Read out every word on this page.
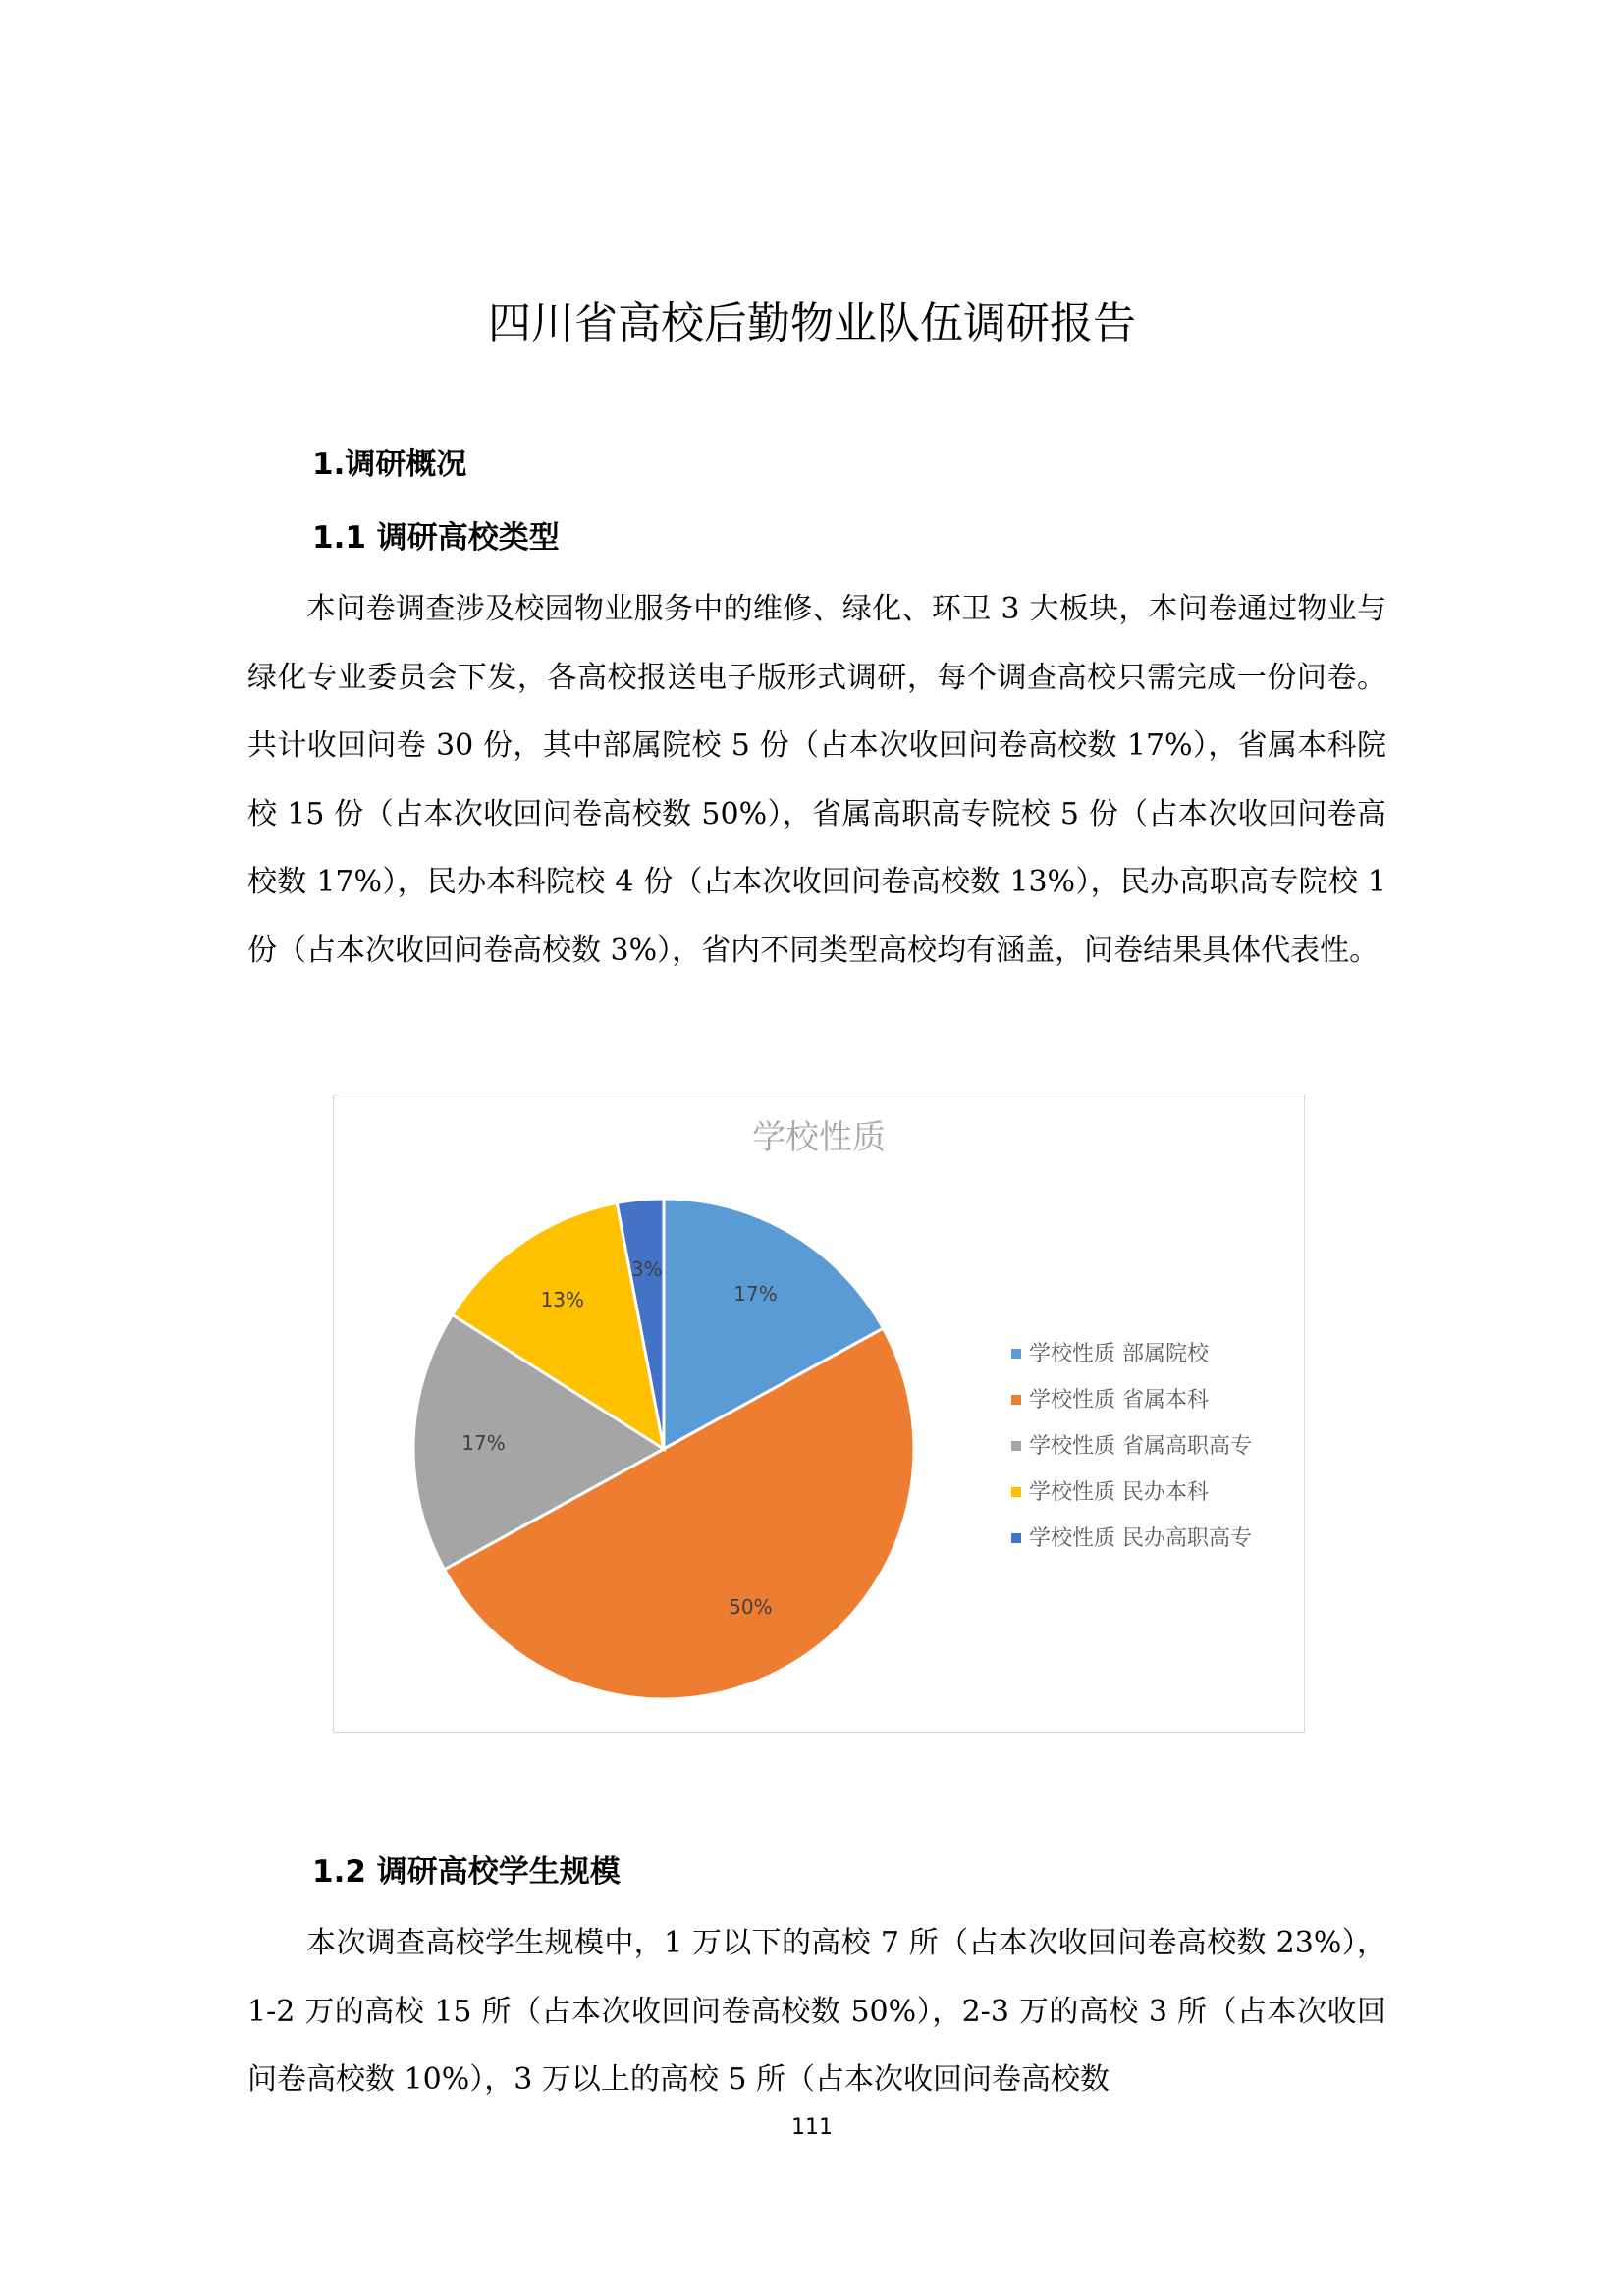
四川省高校后勤物业队伍调研报告
1.调研概况
1.1 调研高校类型

本问卷调查涉及校园物业服务中的维修、绿化、环卫 3 大板块，本问卷通过物业与绿化专业委员会下发，各高校报送电子版形式调研，每个调查高校只需完成一份问卷。共计收回问卷 30 份，其中部属院校 5 份（占本次收回问卷高校数 17%），省属本科院校 15 份（占本次收回问卷高校数 50%），省属高职高专院校 5 份（占本次收回问卷高校数 17%），民办本科院校 4 份（占本次收回问卷高校数 13%），民办高职高专院校 1 份（占本次收回问卷高校数 3%），省内不同类型高校均有涵盖，问卷结果具体代表性。

学校性质
17%
50%
17%
13%
3%
学校性质 部属院校
学校性质 省属本科
学校性质 省属高职高专
学校性质 民办本科
学校性质 民办高职高专
1.2 调研高校学生规模

本次调查高校学生规模中，1 万以下的高校 7 所（占本次收回问卷高校数 23%），1-2 万的高校 15 所（占本次收回问卷高校数 50%），2-3 万的高校 3 所（占本次收回问卷高校数 10%），3 万以上的高校 5 所（占本次收回问卷高校数

111
